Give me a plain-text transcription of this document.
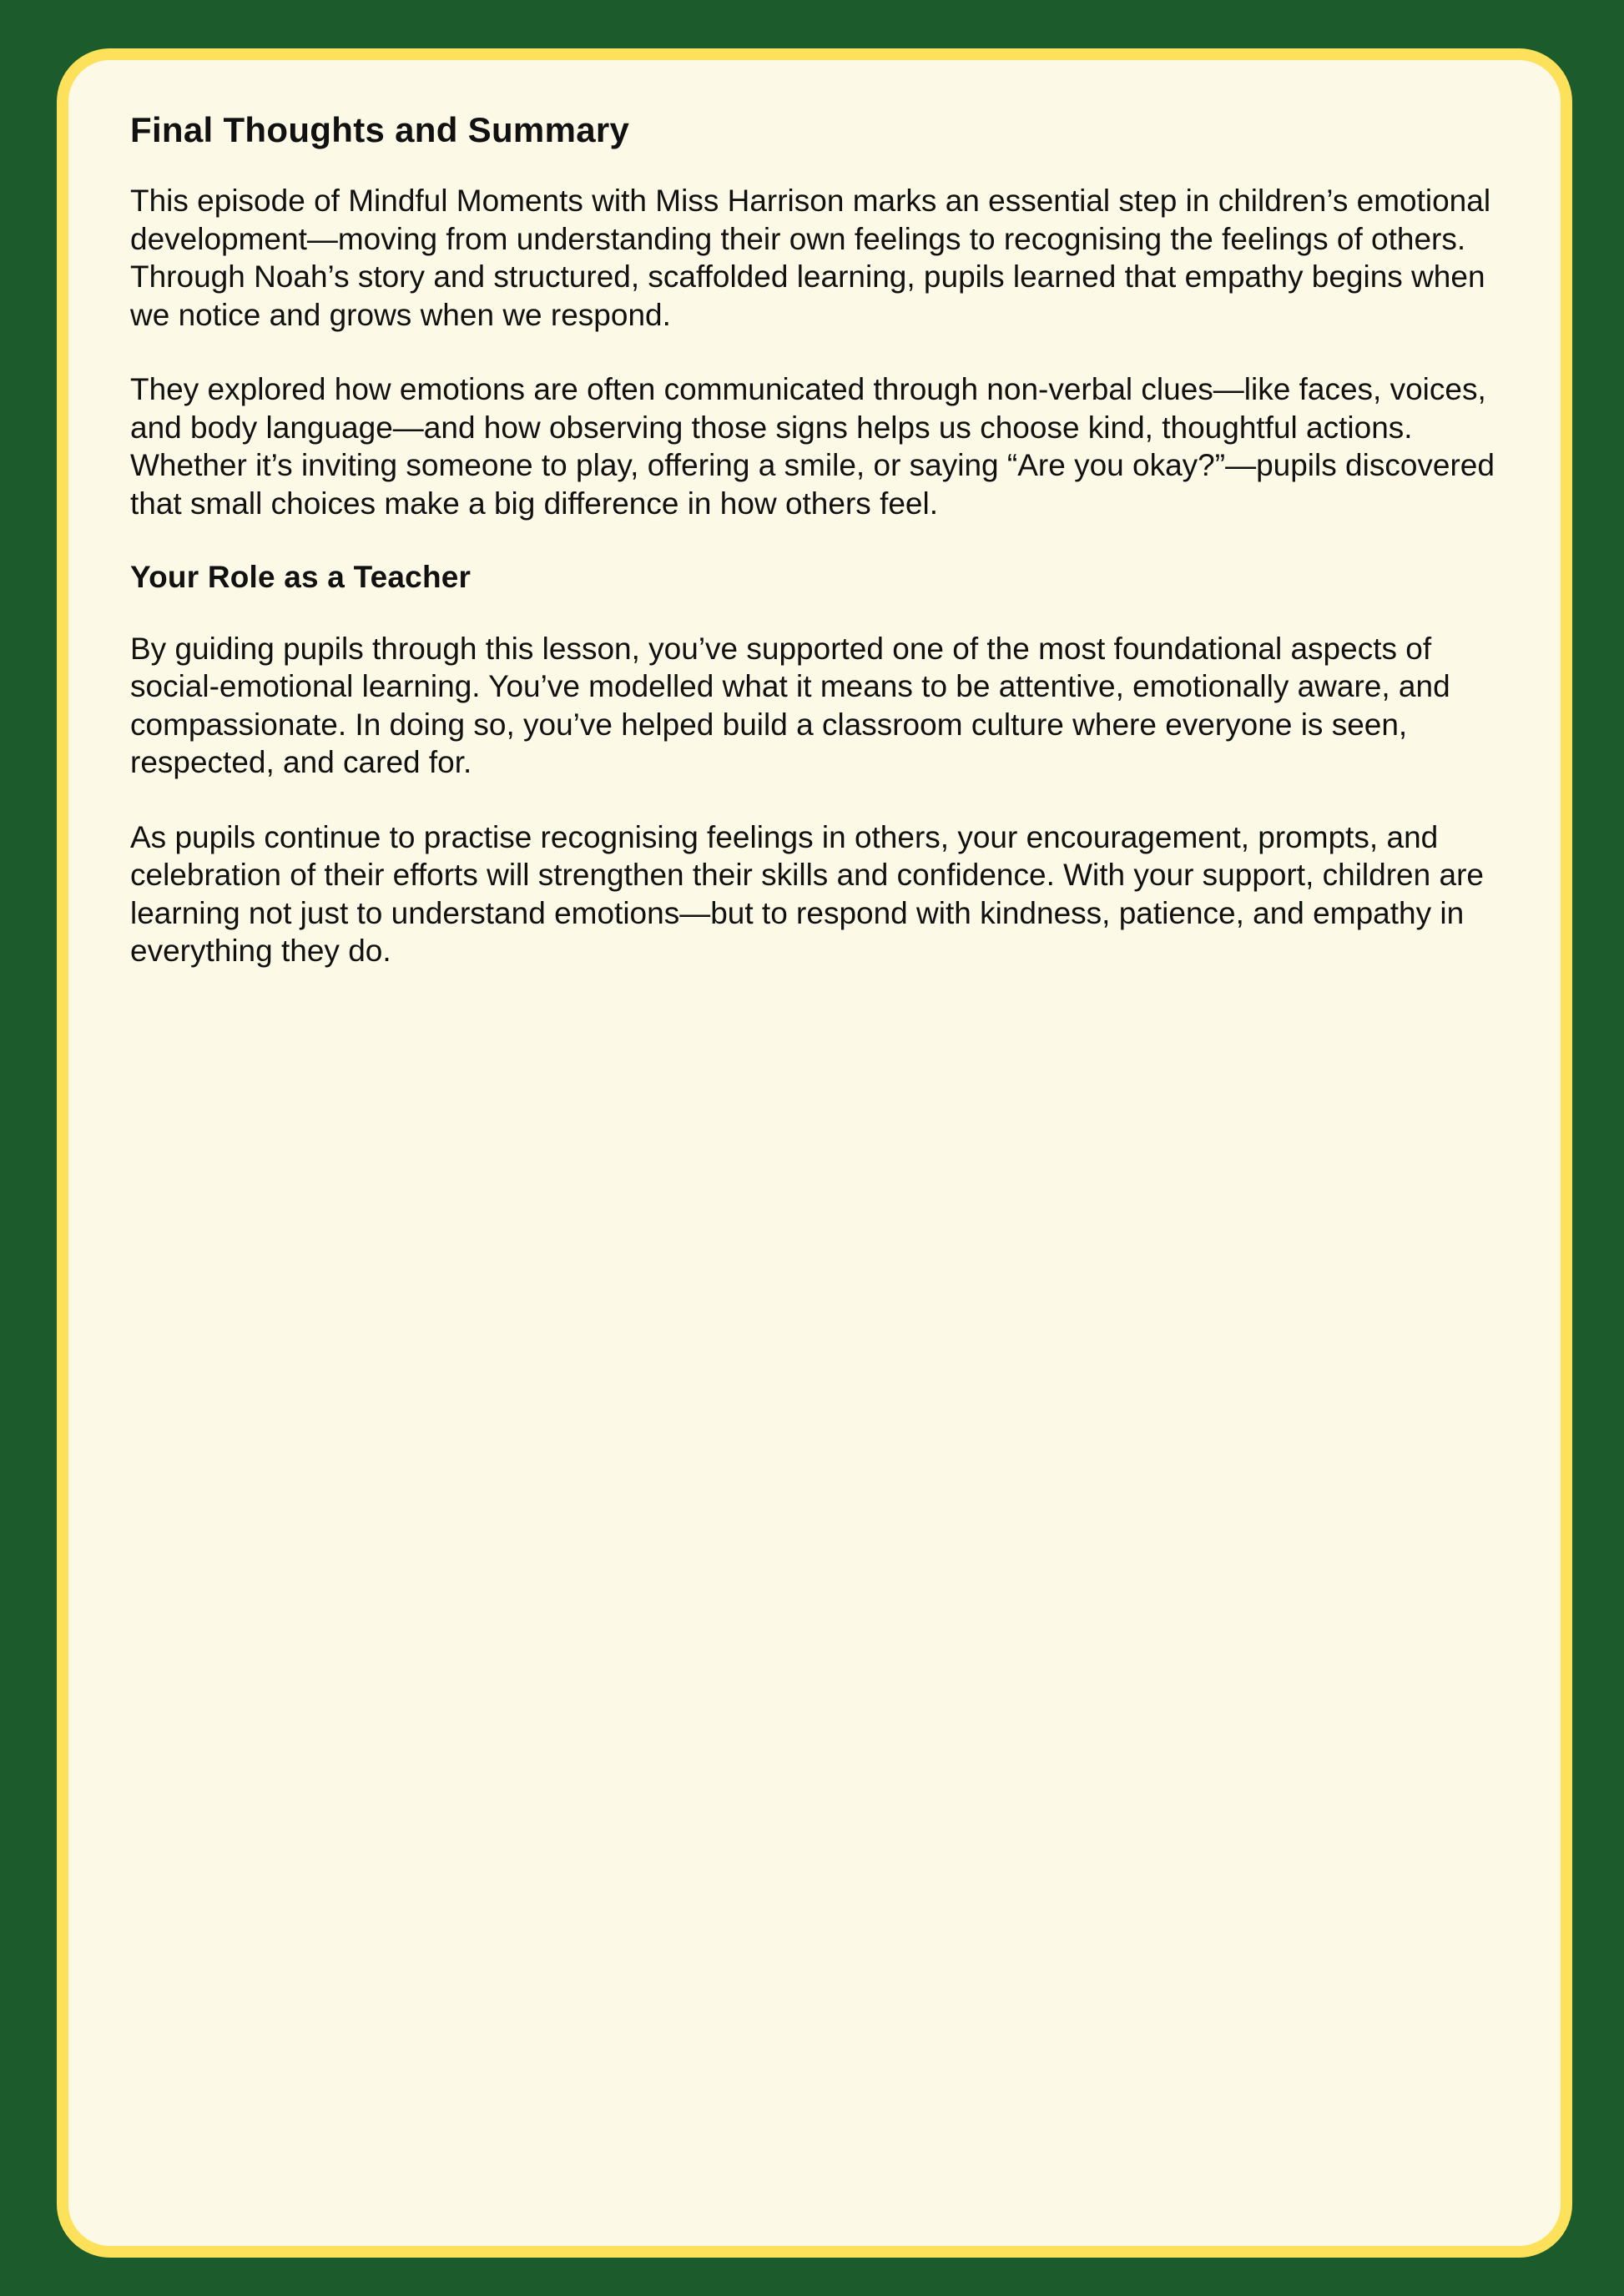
Final Thoughts and Summary

This episode of Mindful Moments with Miss Harrison marks an essential step in children’s emotional development—moving from understanding their own feelings to recognising the feelings of others. Through Noah’s story and structured, scaffolded learning, pupils learned that empathy begins when we notice and grows when we respond.

They explored how emotions are often communicated through non-verbal clues—like faces, voices, and body language—and how observing those signs helps us choose kind, thoughtful actions. Whether it’s inviting someone to play, offering a smile, or saying “Are you okay?”—pupils discovered that small choices make a big difference in how others feel.

Your Role as a Teacher

By guiding pupils through this lesson, you’ve supported one of the most foundational aspects of social-emotional learning. You’ve modelled what it means to be attentive, emotionally aware, and compassionate. In doing so, you’ve helped build a classroom culture where everyone is seen, respected, and cared for.

As pupils continue to practise recognising feelings in others, your encouragement, prompts, and celebration of their efforts will strengthen their skills and confidence. With your support, children are learning not just to understand emotions—but to respond with kindness, patience, and empathy in everything they do.
